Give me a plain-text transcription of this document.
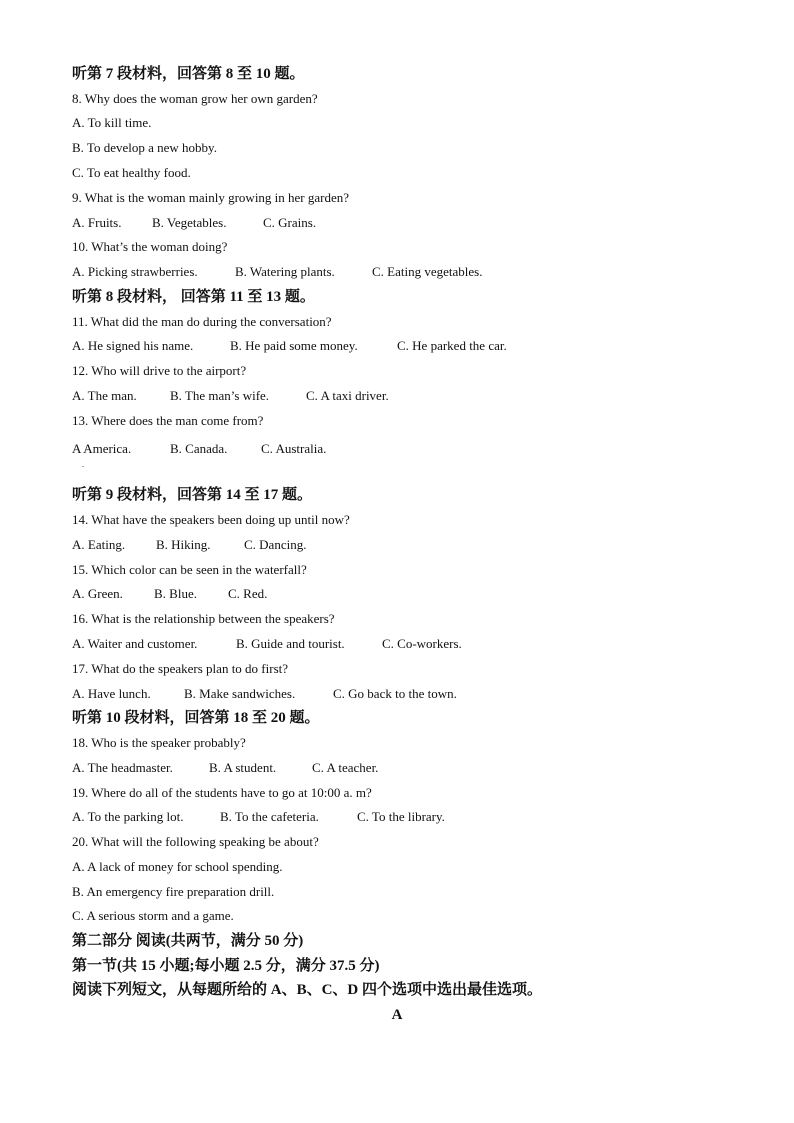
听第 7 段材料，回答第 8 至 10 题。
8. Why does the woman grow her own garden?
A. To kill time.
B. To develop a new hobby.
C. To eat healthy food.
9. What is the woman mainly growing in her garden?
A. Fruits.	B. Vegetables.	C. Grains.
10. What’s the woman doing?
A. Picking strawberries.	B. Watering plants.	C. Eating vegetables.
听第 8 段材料， 回答第 11 至 13 题。
11. What did the man do during the conversation?
A. He signed his name.	B. He paid some money.	C. He parked the car.
12. Who will drive to the airport?
A. The man.	B. The man’s wife.	C. A taxi driver.
13. Where does the man come from?
A America.	B. Canada.	C. Australia.
.
听第 9 段材料，回答第 14 至 17 题。
14. What have the speakers been doing up until now?
A. Eating.	B. Hiking.	C. Dancing.
15. Which color can be seen in the waterfall?
A. Green.	B. Blue.	C. Red.
16. What is the relationship between the speakers?
A. Waiter and customer.	B. Guide and tourist.	C. Co-workers.
17. What do the speakers plan to do first?
A. Have lunch.	B. Make sandwiches.	C. Go back to the town.
听第 10 段材料，回答第 18 至 20 题。
18. Who is the speaker probably?
A. The headmaster.	B. A student.	C. A teacher.
19. Where do all of the students have to go at 10:00 a. m?
A. To the parking lot.	B. To the cafeteria.	C. To the library.
20. What will the following speaking be about?
A. A lack of money for school spending.
B. An emergency fire preparation drill.
C. A serious storm and a game.
第二部分 阅读(共两节，满分 50 分)
第一节(共 15 小题;每小题 2.5 分，满分 37.5 分)
阅读下列短文，从每题所给的 A、B、C、D 四个选项中选出最佳选项。
A
